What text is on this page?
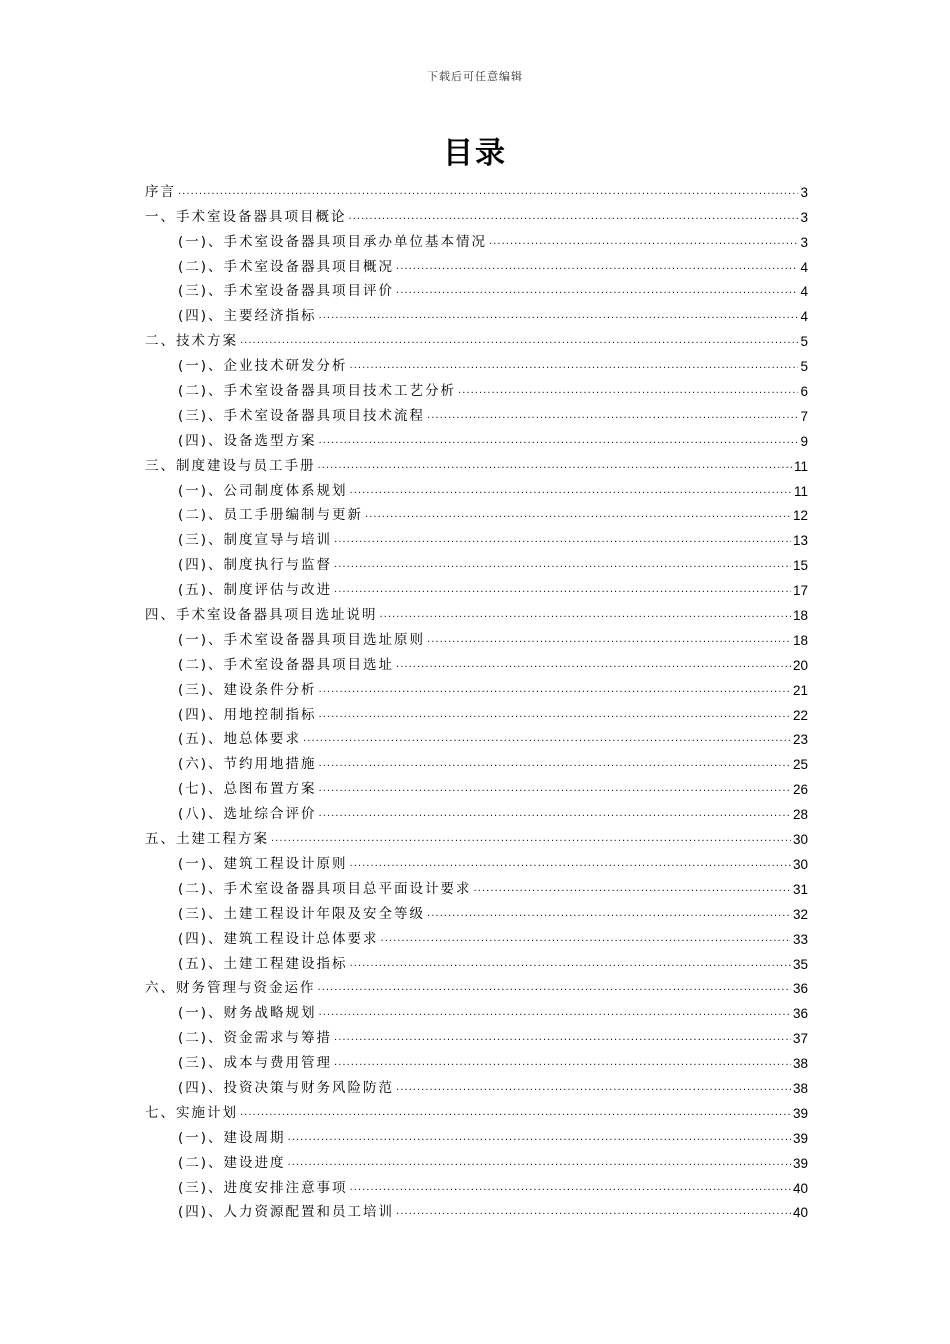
下载后可任意编辑
目录
序言 .....	3
一、手术室设备器具项目概论 .....	3
(一)、手术室设备器具项目承办单位基本情况 .....	3
(二)、手术室设备器具项目概况 .....	4
(三)、手术室设备器具项目评价 .....	4
(四)、主要经济指标 .....	4
二、技术方案 .....	5
(一)、企业技术研发分析 .....	5
(二)、手术室设备器具项目技术工艺分析 .....	6
(三)、手术室设备器具项目技术流程 .....	7
(四)、设备选型方案 .....	9
三、制度建设与员工手册 .....	11
(一)、公司制度体系规划 .....	11
(二)、员工手册编制与更新 .....	12
(三)、制度宣导与培训 .....	13
(四)、制度执行与监督 .....	15
(五)、制度评估与改进 .....	17
四、手术室设备器具项目选址说明 .....	18
(一)、手术室设备器具项目选址原则 .....	18
(二)、手术室设备器具项目选址 .....	20
(三)、建设条件分析 .....	21
(四)、用地控制指标 .....	22
(五)、地总体要求 .....	23
(六)、节约用地措施 .....	25
(七)、总图布置方案 .....	26
(八)、选址综合评价 .....	28
五、土建工程方案 .....	30
(一)、建筑工程设计原则 .....	30
(二)、手术室设备器具项目总平面设计要求 .....	31
(三)、土建工程设计年限及安全等级 .....	32
(四)、建筑工程设计总体要求 .....	33
(五)、土建工程建设指标 .....	35
六、财务管理与资金运作 .....	36
(一)、财务战略规划 .....	36
(二)、资金需求与筹措 .....	37
(三)、成本与费用管理 .....	38
(四)、投资决策与财务风险防范 .....	38
七、实施计划 .....	39
(一)、建设周期 .....	39
(二)、建设进度 .....	39
(三)、进度安排注意事项 .....	40
(四)、人力资源配置和员工培训 .....	40
